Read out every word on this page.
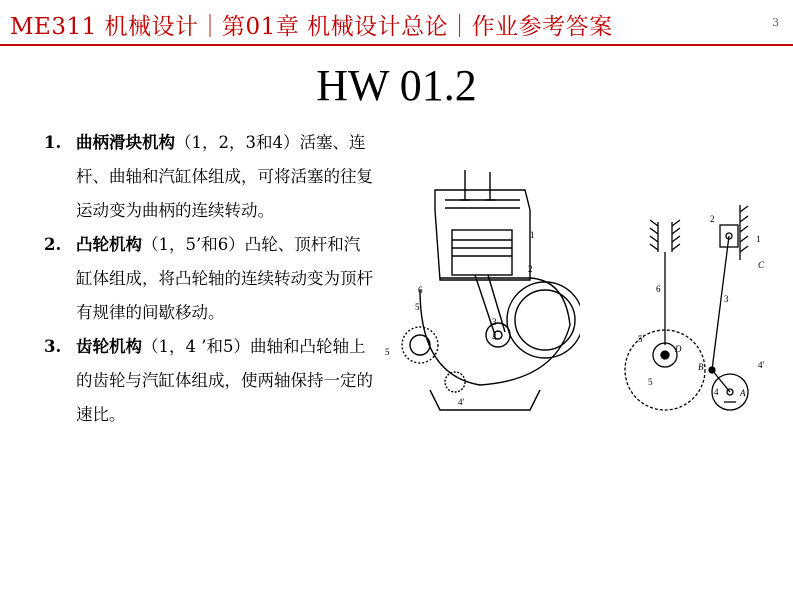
ME311 机械设计｜第01章 机械设计总论｜作业参考答案	3
HW 01.2
1. 曲柄滑块机构（1，2，3和4）活塞、连杆、曲轴和汽缸体组成，可将活塞的往复运动变为曲柄的连续转动。
2. 凸轮机构（1，5’和6）凸轮、顶杆和汽缸体组成，将凸轮轴的连续转动变为顶杆有规律的间歇移动。
3. 齿轮机构（1，4 ’和5）曲轴和凸轮轴上的齿轮与汽缸体组成，使两轴保持一定的速比。
1
2
3
4
5
6
5'
4'
1
2
3
4
5
6
5'
4'
A
B
C
D
